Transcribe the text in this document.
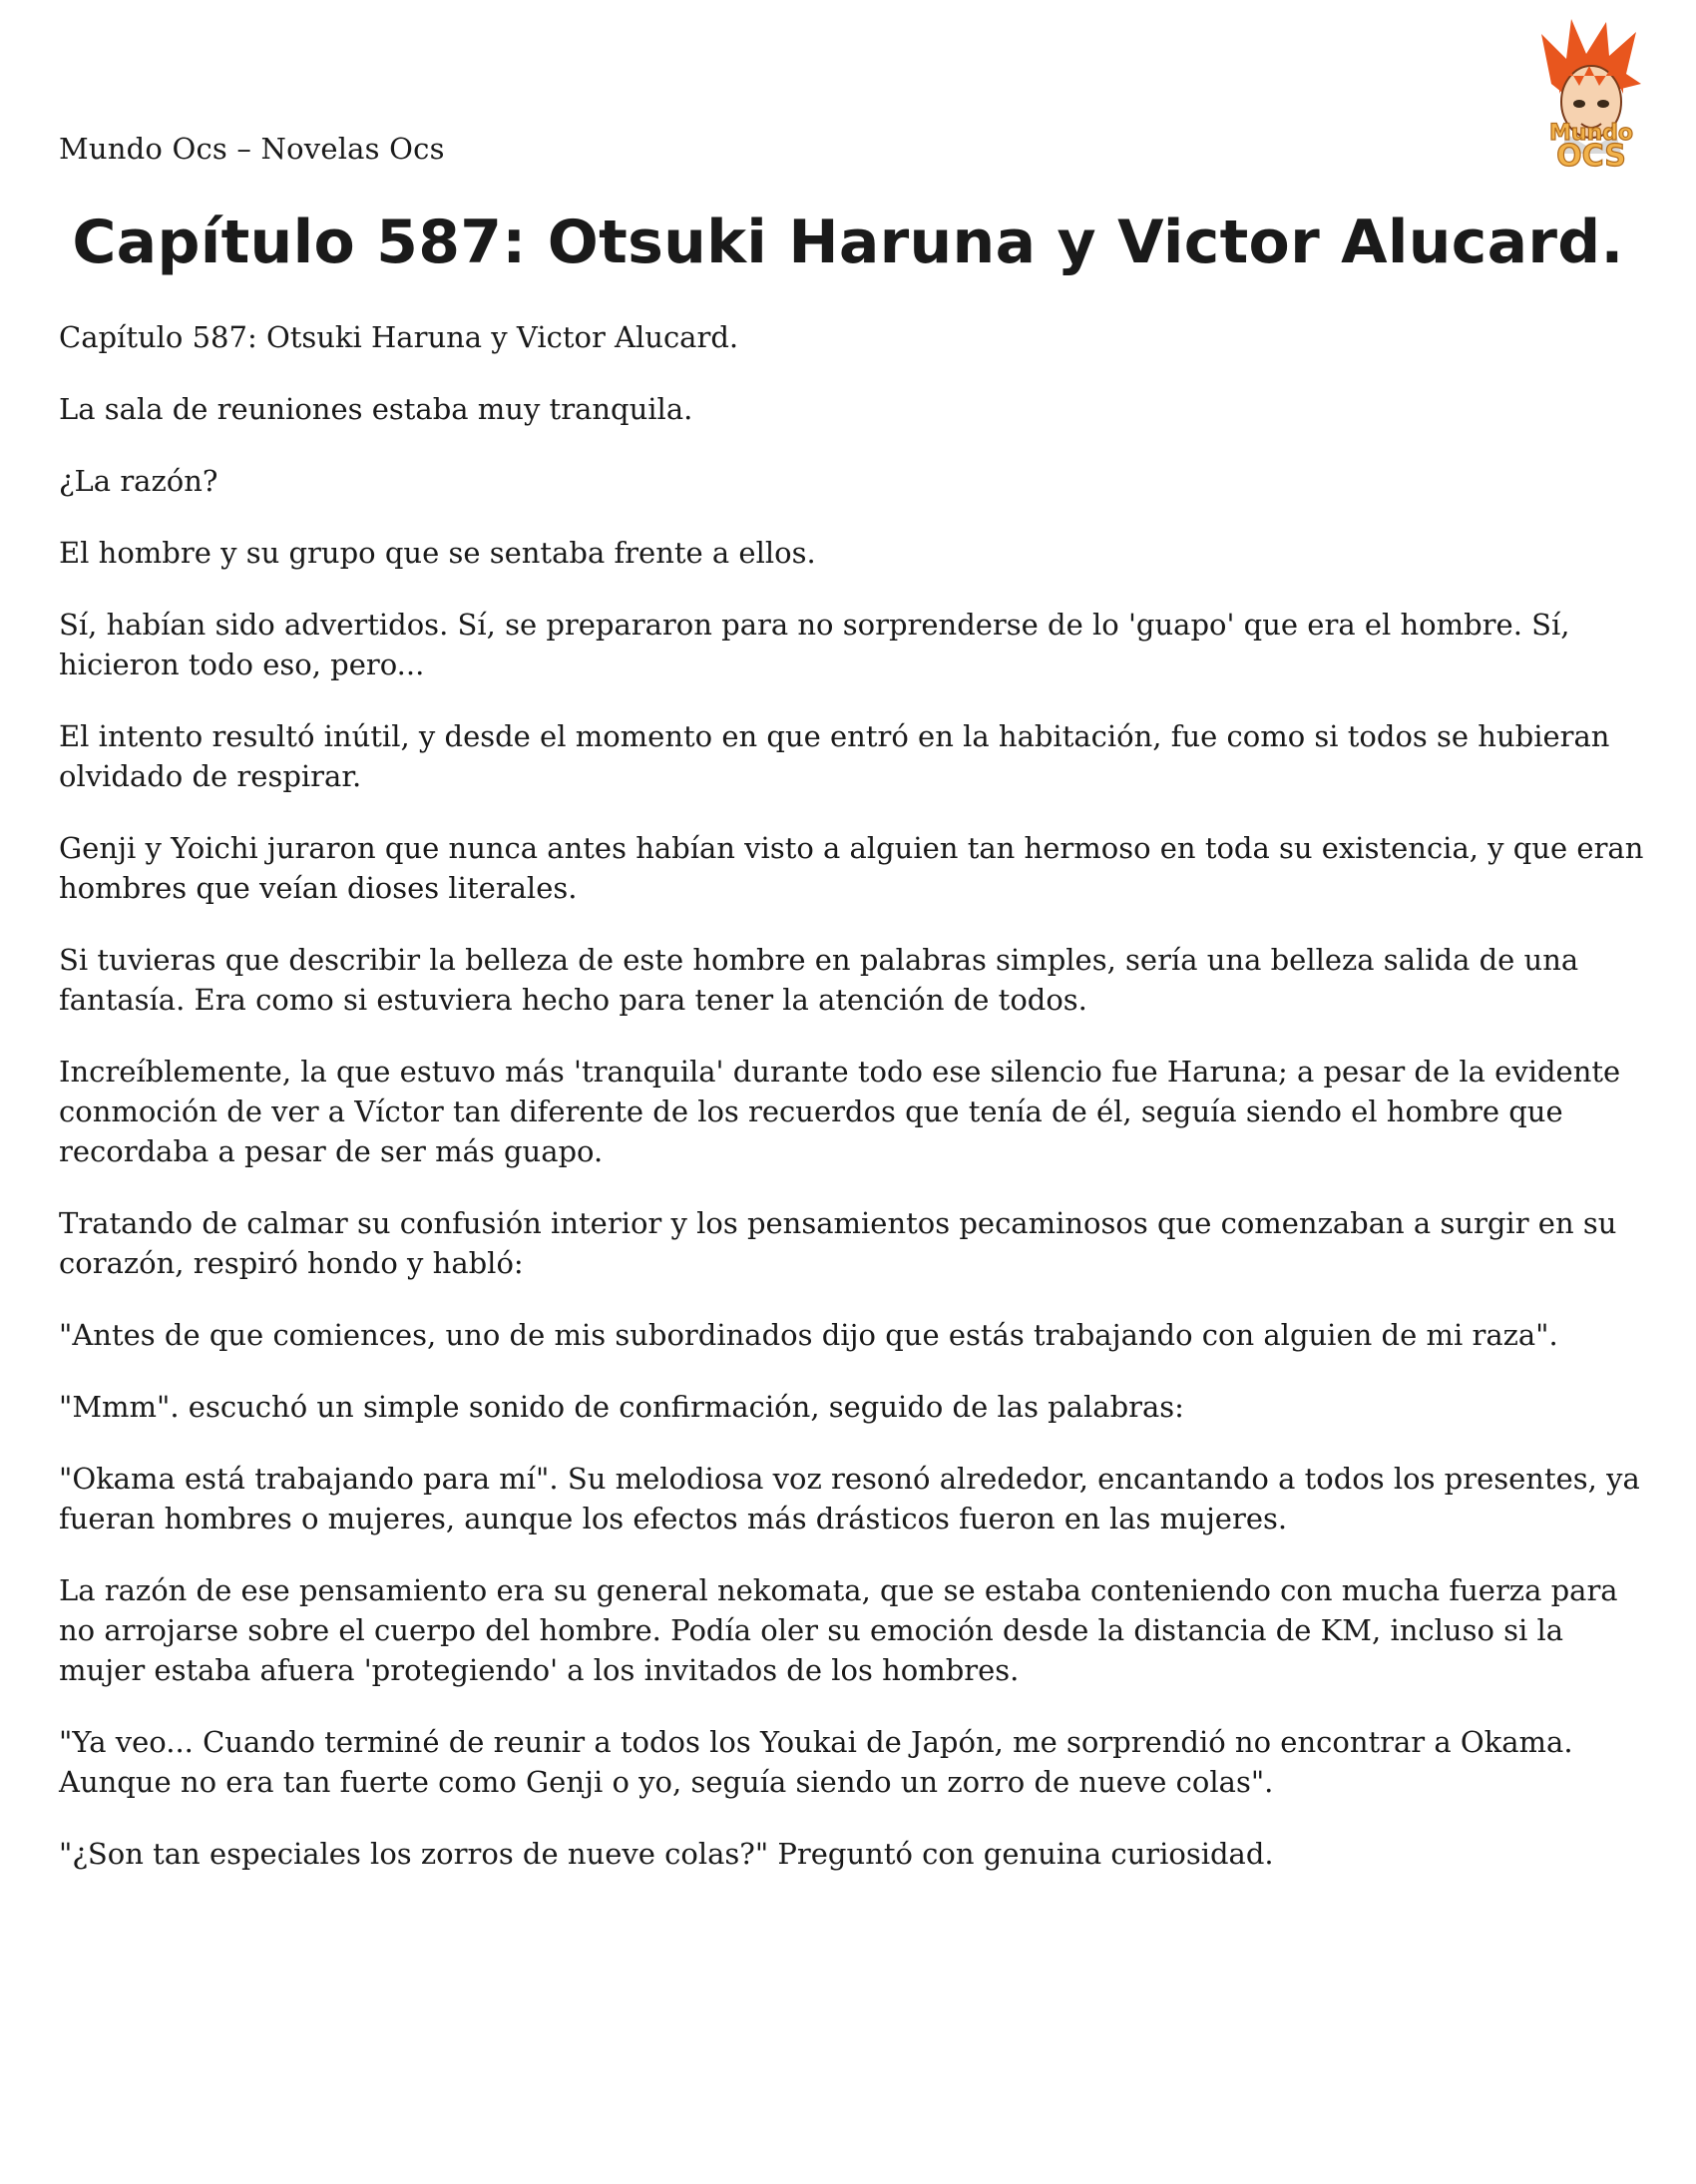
Mundo Ocs – Novelas Ocs	Mundo
OCS
Capítulo 587: Otsuki Haruna y Victor Alucard.

Capítulo 587: Otsuki Haruna y Victor Alucard.

La sala de reuniones estaba muy tranquila.

¿La razón?

El hombre y su grupo que se sentaba frente a ellos.

Sí, habían sido advertidos. Sí, se prepararon para no sorprenderse de lo 'guapo' que era el hombre. Sí, hicieron todo eso, pero...

El intento resultó inútil, y desde el momento en que entró en la habitación, fue como si todos se hubieran olvidado de respirar.

Genji y Yoichi juraron que nunca antes habían visto a alguien tan hermoso en toda su existencia, y que eran hombres que veían dioses literales.

Si tuvieras que describir la belleza de este hombre en palabras simples, sería una belleza salida de una fantasía. Era como si estuviera hecho para tener la atención de todos.

Increíblemente, la que estuvo más 'tranquila' durante todo ese silencio fue Haruna; a pesar de la evidente conmoción de ver a Víctor tan diferente de los recuerdos que tenía de él, seguía siendo el hombre que recordaba a pesar de ser más guapo.

Tratando de calmar su confusión interior y los pensamientos pecaminosos que comenzaban a surgir en su corazón, respiró hondo y habló:

"Antes de que comiences, uno de mis subordinados dijo que estás trabajando con alguien de mi raza".

"Mmm". escuchó un simple sonido de confirmación, seguido de las palabras:

"Okama está trabajando para mí". Su melodiosa voz resonó alrededor, encantando a todos los presentes, ya fueran hombres o mujeres, aunque los efectos más drásticos fueron en las mujeres.

La razón de ese pensamiento era su general nekomata, que se estaba conteniendo con mucha fuerza para no arrojarse sobre el cuerpo del hombre. Podía oler su emoción desde la distancia de KM, incluso si la mujer estaba afuera 'protegiendo' a los invitados de los hombres.

"Ya veo... Cuando terminé de reunir a todos los Youkai de Japón, me sorprendió no encontrar a Okama. Aunque no era tan fuerte como Genji o yo, seguía siendo un zorro de nueve colas".

"¿Son tan especiales los zorros de nueve colas?" Preguntó con genuina curiosidad.
